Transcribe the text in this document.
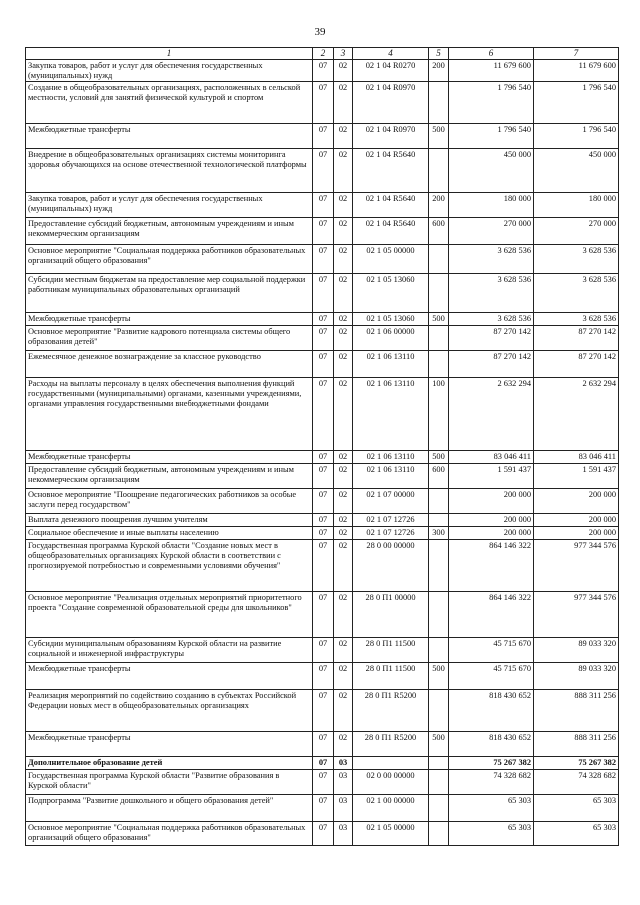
39
1	2	3	4	5	6	7
Закупка товаров, работ и услуг для обеспечения государственных (муниципальных) нужд	07	02	02 1 04 R0270	200	11 679 600	11 679 600
Создание в общеобразовательных организациях, расположенных в сельской местности, условий для занятий физической культурой и спортом	07	02	02 1 04 R0970		1 796 540	1 796 540
Межбюджетные трансферты	07	02	02 1 04 R0970	500	1 796 540	1 796 540
Внедрение в общеобразовательных организациях системы мониторинга здоровья обучающихся на основе отечественной технологической платформы	07	02	02 1 04 R5640		450 000	450 000
Закупка товаров, работ и услуг для обеспечения государственных (муниципальных) нужд	07	02	02 1 04 R5640	200	180 000	180 000
Предоставление субсидий бюджетным, автономным учреждениям и иным некоммерческим организациям	07	02	02 1 04 R5640	600	270 000	270 000
Основное мероприятие "Социальная поддержка работников образовательных организаций общего образования"	07	02	02 1 05 00000		3 628 536	3 628 536
Субсидии местным бюджетам на предоставление мер социальной поддержки работникам муниципальных образовательных организаций	07	02	02 1 05 13060		3 628 536	3 628 536
Межбюджетные трансферты	07	02	02 1 05 13060	500	3 628 536	3 628 536
Основное мероприятие "Развитие кадрового потенциала системы общего образования детей"	07	02	02 1 06 00000		87 270 142	87 270 142
Ежемесячное денежное вознаграждение за классное руководство	07	02	02 1 06 13110		87 270 142	87 270 142
Расходы на выплаты персоналу в целях обеспечения выполнения функций государственными (муниципальными) органами, казенными учреждениями, органами управления государственными внебюджетными фондами	07	02	02 1 06 13110	100	2 632 294	2 632 294
Межбюджетные трансферты	07	02	02 1 06 13110	500	83 046 411	83 046 411
Предоставление субсидий бюджетным, автономным учреждениям и иным некоммерческим организациям	07	02	02 1 06 13110	600	1 591 437	1 591 437
Основное мероприятие "Поощрение педагогических работников за особые заслуги перед государством"	07	02	02 1 07 00000		200 000	200 000
Выплата денежного поощрения лучшим учителям	07	02	02 1 07 12726		200 000	200 000
Социальное обеспечение и иные выплаты населению	07	02	02 1 07 12726	300	200 000	200 000
Государственная программа Курской области "Создание новых мест в общеобразовательных организациях Курской области в соответствии с прогнозируемой потребностью и современными условиями обучения"	07	02	28 0 00 00000		864 146 322	977 344 576
Основное мероприятие "Реализация отдельных мероприятий приоритетного проекта "Создание современной образовательной среды для школьников"	07	02	28 0 П1 00000		864 146 322	977 344 576
Субсидии муниципальным образованиям Курской области на развитие социальной и инженерной инфраструктуры	07	02	28 0 П1 11500		45 715 670	89 033 320
Межбюджетные трансферты	07	02	28 0 П1 11500	500	45 715 670	89 033 320
Реализация мероприятий по содействию созданию в субъектах Российской Федерации новых мест в общеобразовательных организациях	07	02	28 0 П1 R5200		818 430 652	888 311 256
Межбюджетные трансферты	07	02	28 0 П1 R5200	500	818 430 652	888 311 256
Дополнительное образование детей	07	03			75 267 382	75 267 382
Государственная программа Курской области "Развитие образования в Курской области"	07	03	02 0 00 00000		74 328 682	74 328 682
Подпрограмма "Развитие дошкольного и общего образования детей"	07	03	02 1 00 00000		65 303	65 303
Основное мероприятие "Социальная поддержка работников образовательных организаций общего образования"	07	03	02 1 05 00000		65 303	65 303
